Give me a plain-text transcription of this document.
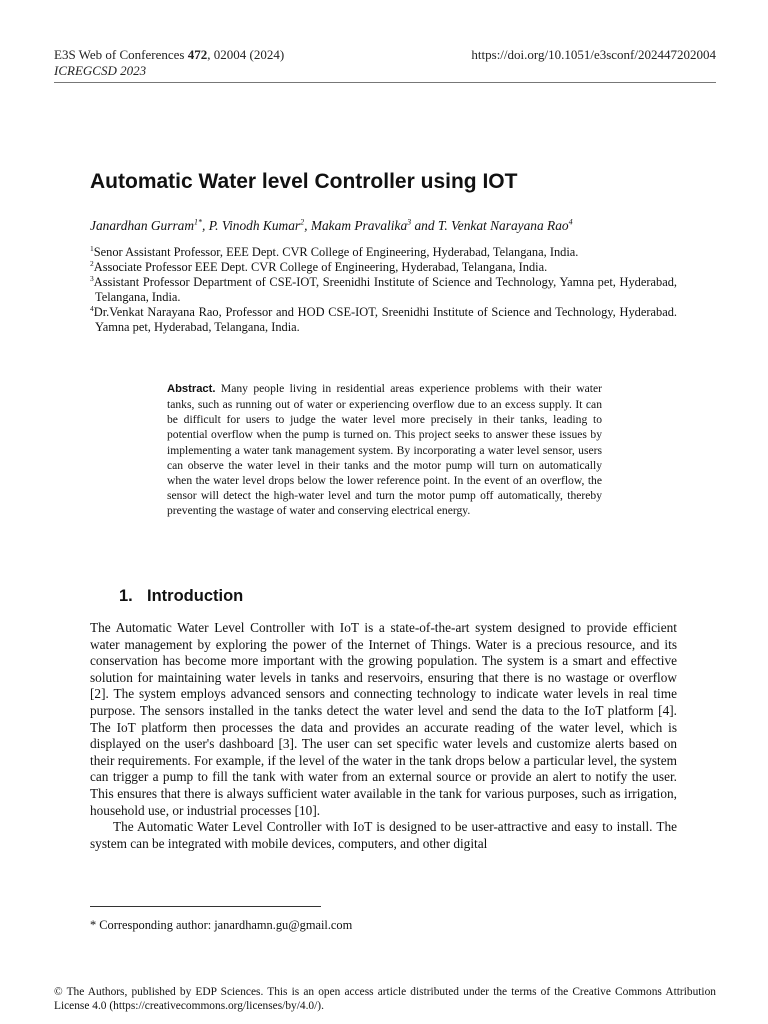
E3S Web of Conferences 472, 02004 (2024)
ICREGCSD 2023
https://doi.org/10.1051/e3sconf/202447202004
Automatic Water level Controller using IOT
Janardhan Gurram$^{1*}$, P. Vinodh Kumar$^2$, Makam Pravalika$^3$ and T. Venkat Narayana Rao$^4$
$^1$Senor Assistant Professor, EEE Dept. CVR College of Engineering, Hyderabad, Telangana, India.
$^2$Associate Professor EEE Dept. CVR College of Engineering, Hyderabad, Telangana, India.
$^3$Assistant Professor Department of CSE-IOT, Sreenidhi Institute of Science and Technology, Yamna pet, Hyderabad, Telangana, India.
$^4$Dr.Venkat Narayana Rao, Professor and HOD CSE-IOT, Sreenidhi Institute of Science and Technology, Hyderabad. Yamna pet, Hyderabad, Telangana, India.
Abstract. Many people living in residential areas experience problems with their water tanks, such as running out of water or experiencing overflow due to an excess supply. It can be difficult for users to judge the water level more precisely in their tanks, leading to potential overflow when the pump is turned on. This project seeks to answer these issues by implementing a water tank management system. By incorporating a water level sensor, users can observe the water level in their tanks and the motor pump will turn on automatically when the water level drops below the lower reference point. In the event of an overflow, the sensor will detect the high-water level and turn the motor pump off automatically, thereby preventing the wastage of water and conserving electrical energy.
1. Introduction

The Automatic Water Level Controller with IoT is a state-of-the-art system designed to provide efficient water management by exploring the power of the Internet of Things. Water is a precious resource, and its conservation has become more important with the growing population. The system is a smart and effective solution for maintaining water levels in tanks and reservoirs, ensuring that there is no wastage or overflow [2]. The system employs advanced sensors and connecting technology to indicate water levels in real time purpose. The sensors installed in the tanks detect the water level and send the data to the IoT platform [4]. The IoT platform then processes the data and provides an accurate reading of the water level, which is displayed on the user's dashboard [3]. The user can set specific water levels and customize alerts based on their requirements. For example, if the level of the water in the tank drops below a particular level, the system can trigger a pump to fill the tank with water from an external source or provide an alert to notify the user. This ensures that there is always sufficient water available in the tank for various purposes, such as irrigation, household use, or industrial processes [10].

The Automatic Water Level Controller with IoT is designed to be user-attractive and easy to install. The system can be integrated with mobile devices, computers, and other digital

* Corresponding author: janardhamn.gu@gmail.com
© The Authors, published by EDP Sciences. This is an open access article distributed under the terms of the Creative Commons Attribution License 4.0 (https://creativecommons.org/licenses/by/4.0/).
